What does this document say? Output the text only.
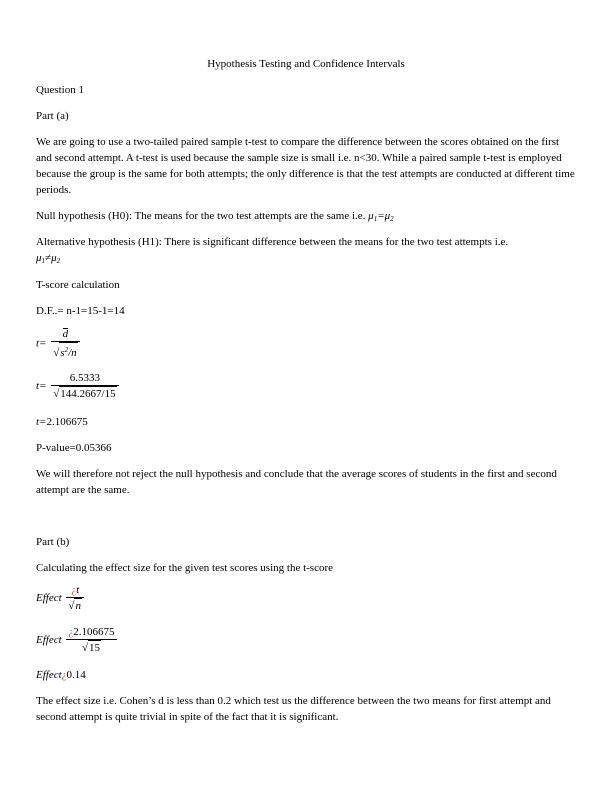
Hypothesis Testing and Confidence Intervals

Question 1

Part (a)

We are going to use a two-tailed paired sample t-test to compare the difference between the scores obtained on the first and second attempt. A t-test is used because the sample size is small i.e. n<30. While a paired sample t-test is employed because the group is the same for both attempts; the only difference is that the test attempts are conducted at different time periods.

Null hypothesis (H0): The means for the two test attempts are the same i.e. $\mu_1=\mu_2$

Alternative hypothesis (H1): There is significant difference between the means for the two test attempts i.e.
$\mu_1\ne\mu_2$

T-score calculation

D.F..= n-1=15-1=14

$t= \frac{d}{√s^2/n}$
$t= \frac{6.5333}{√144.2667/15}$

t=2.106675

P-value=0.05366

We will therefore not reject the null hypothesis and conclude that the average scores of students in the first and second attempt are the same.

Part (b)

Calculating the effect size for the given test scores using the t-score

Effect $\frac{¿t}{√n}$
Effect $\frac{¿2.106675}{√15}$

Effect¿0.14

The effect size i.e. Cohen’s d is less than 0.2 which test us the difference between the two means for first attempt and second attempt is quite trivial in spite of the fact that it is significant.
